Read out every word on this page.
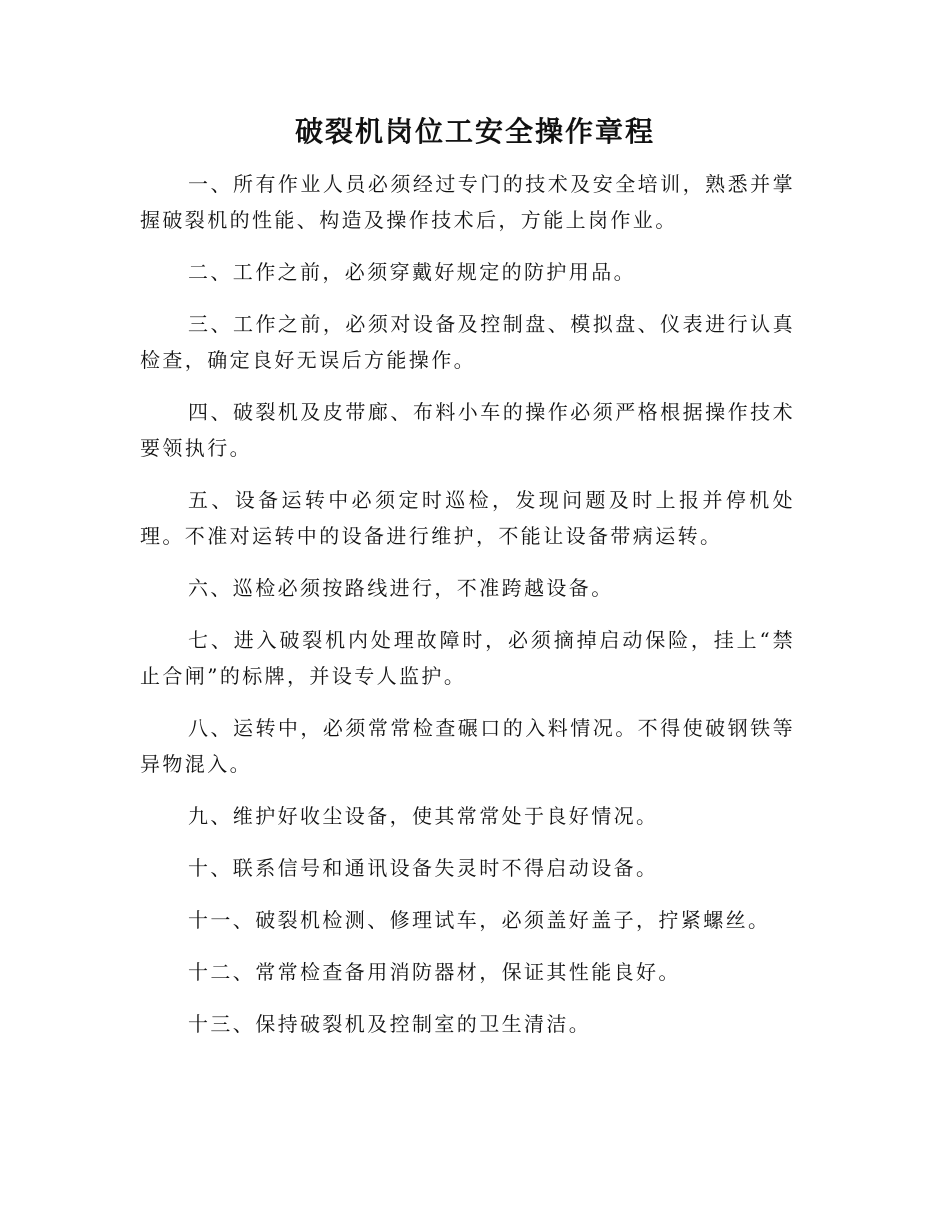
破裂机岗位工安全操作章程

一、所有作业人员必须经过专门的技术及安全培训，熟悉并掌握破裂机的性能、构造及操作技术后，方能上岗作业。

二、工作之前，必须穿戴好规定的防护用品。

三、工作之前，必须对设备及控制盘、模拟盘、仪表进行认真检查，确定良好无误后方能操作。

四、破裂机及皮带廊、布料小车的操作必须严格根据操作技术要领执行。

五、设备运转中必须定时巡检，发现问题及时上报并停机处理。不准对运转中的设备进行维护，不能让设备带病运转。

六、巡检必须按路线进行，不准跨越设备。

七、进入破裂机内处理故障时，必须摘掉启动保险，挂上“禁止合闸”的标牌，并设专人监护。

八、运转中，必须常常检查碾口的入料情况。不得使破钢铁等异物混入。

九、维护好收尘设备，使其常常处于良好情况。

十、联系信号和通讯设备失灵时不得启动设备。

十一、破裂机检测、修理试车，必须盖好盖子，拧紧螺丝。

十二、常常检查备用消防器材，保证其性能良好。

十三、保持破裂机及控制室的卫生清洁。
